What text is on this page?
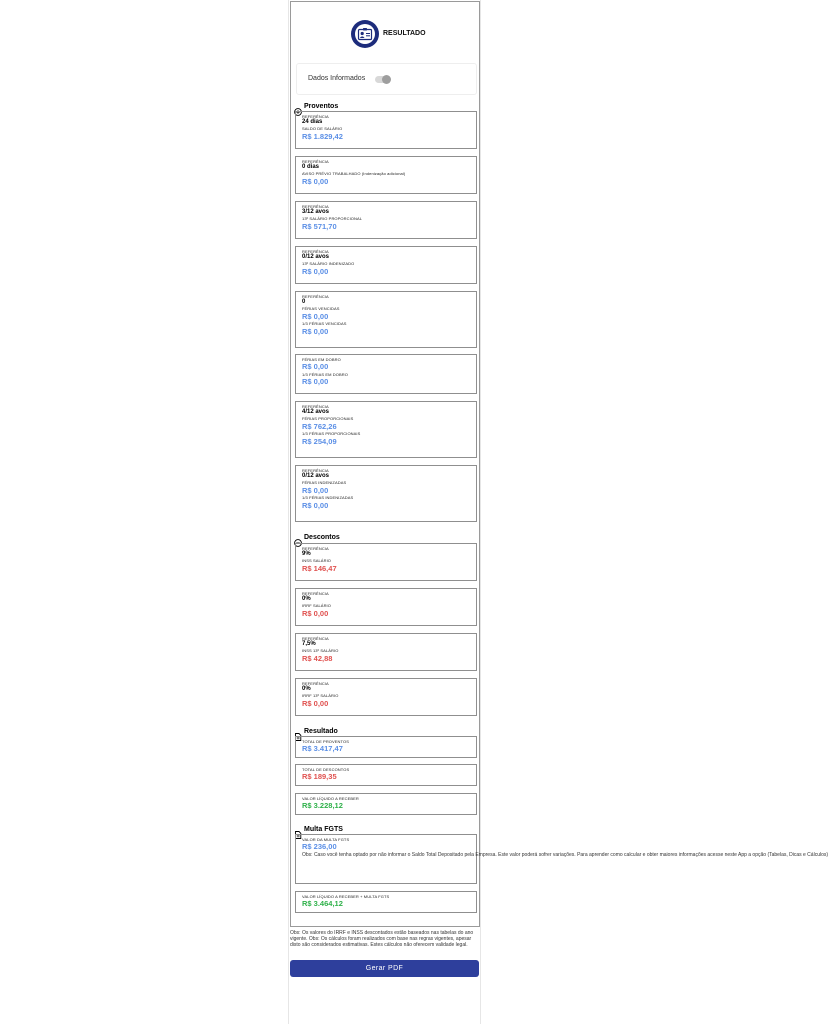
RESULTADO
Dados Informados
Proventos
REFERÊNCIA
24 dias
SALDO DE SALÁRIO
R$ 1.829,42
REFERÊNCIA
0 dias
AVISO PRÉVIO TRABALHADO (Indenização adicional)
R$ 0,00
REFERÊNCIA
3/12 avos
13º SALÁRIO PROPORCIONAL
R$ 571,70
REFERÊNCIA
0/12 avos
13º SALÁRIO INDENIZADO
R$ 0,00
REFERÊNCIA
0
FÉRIAS VENCIDAS
R$ 0,00
1/3 FÉRIAS VENCIDAS
R$ 0,00
FÉRIAS EM DOBRO
R$ 0,00
1/3 FÉRIAS EM DOBRO
R$ 0,00
REFERÊNCIA
4/12 avos
FÉRIAS PROPORCIONAIS
R$ 762,26
1/3 FÉRIAS PROPORCIONAIS
R$ 254,09
REFERÊNCIA
0/12 avos
FÉRIAS INDENIZADAS
R$ 0,00
1/3 FÉRIAS INDENIZADAS
R$ 0,00
Descontos
REFERÊNCIA
9%
INSS SALÁRIO
R$ 146,47
REFERÊNCIA
0%
IRRF SALÁRIO
R$ 0,00
REFERÊNCIA
7,5%
INSS 13º SALÁRIO
R$ 42,88
REFERÊNCIA
0%
IRRF 13º SALÁRIO
R$ 0,00
Resultado
TOTAL DE PROVENTOS
R$ 3.417,47
TOTAL DE DESCONTOS
R$ 189,35
VALOR LÍQUIDO A RECEBER
R$ 3.228,12
Multa FGTS
VALOR DA MULTA FGTS
R$ 236,00
Obs: Caso você tenha optado por não informar o Saldo Total Depositado pela Empresa. Este valor poderá sofrer variações. Para aprender como calcular e obter maiores informações acesse neste App a opção (Tabelas, Dicas e Cálculos)
VALOR LÍQUIDO A RECEBER + MULTA FGTS
R$ 3.464,12
Obs: Os valores do IRRF e INSS descontados estão baseados nas tabelas do ano vigente. Obs: Os cálculos foram realizados com base nas regras vigentes, apesar disto são considerados estimativas. Estes cálculos não oferecem validade legal.
Gerar PDF
